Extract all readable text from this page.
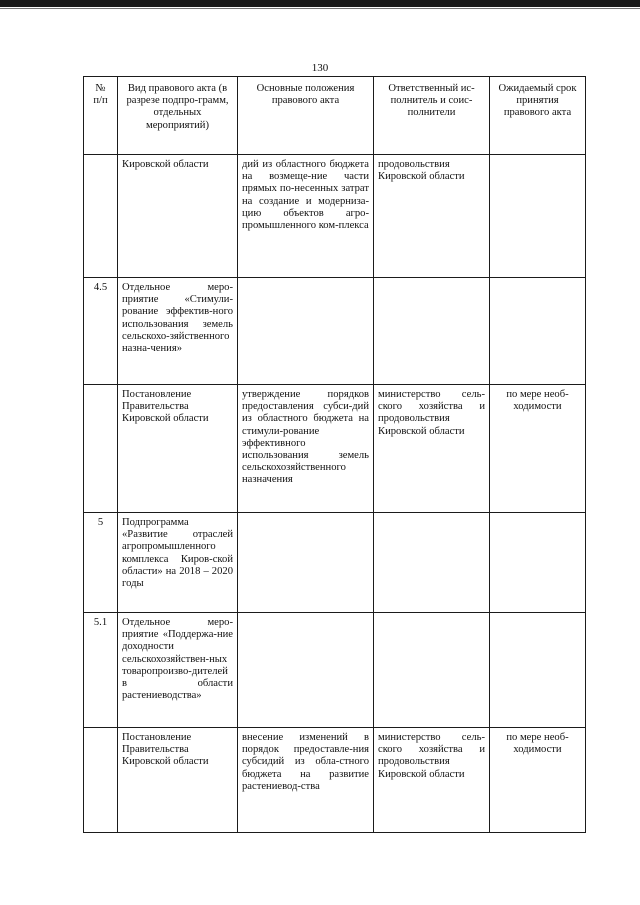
130
№
п/п	Вид правового акта (в разрезе подпро-грамм, отдельных мероприятий)	Основные положения правового акта	Ответственный ис-полнитель и соис-полнители	Ожидаемый срок принятия правового акта
	Кировской области	дий из областного бюджета на возмеще-ние части прямых по-несенных затрат на создание и модерниза-цию объектов агро-промышленного ком-плекса	продовольствия Кировской области	
4.5	Отдельное меро-приятие «Стимули-рование эффектив-ного использования земель сельскохо-зяйственного назна-чения»			
	Постановление Правительства Кировской области	утверждение порядков предоставления субси-дий из областного бюджета на стимули-рование эффективного использования земель сельскохозяйственного назначения	министерство сель-ского хозяйства и продовольствия Кировской области	по мере необ-ходимости
5	Подпрограмма «Развитие отраслей агропромышленного комплекса Киров-ской области» на 2018 – 2020 годы			
5.1	Отдельное меро-приятие «Поддержа-ние доходности сельскохозяйствен-ных товаропроизво-дителей в области растениеводства»			
	Постановление Правительства Кировской области	внесение изменений в порядок предоставле-ния субсидий из обла-стного бюджета на развитие растениевод-ства	министерство сель-ского хозяйства и продовольствия Кировской области	по мере необ-ходимости
